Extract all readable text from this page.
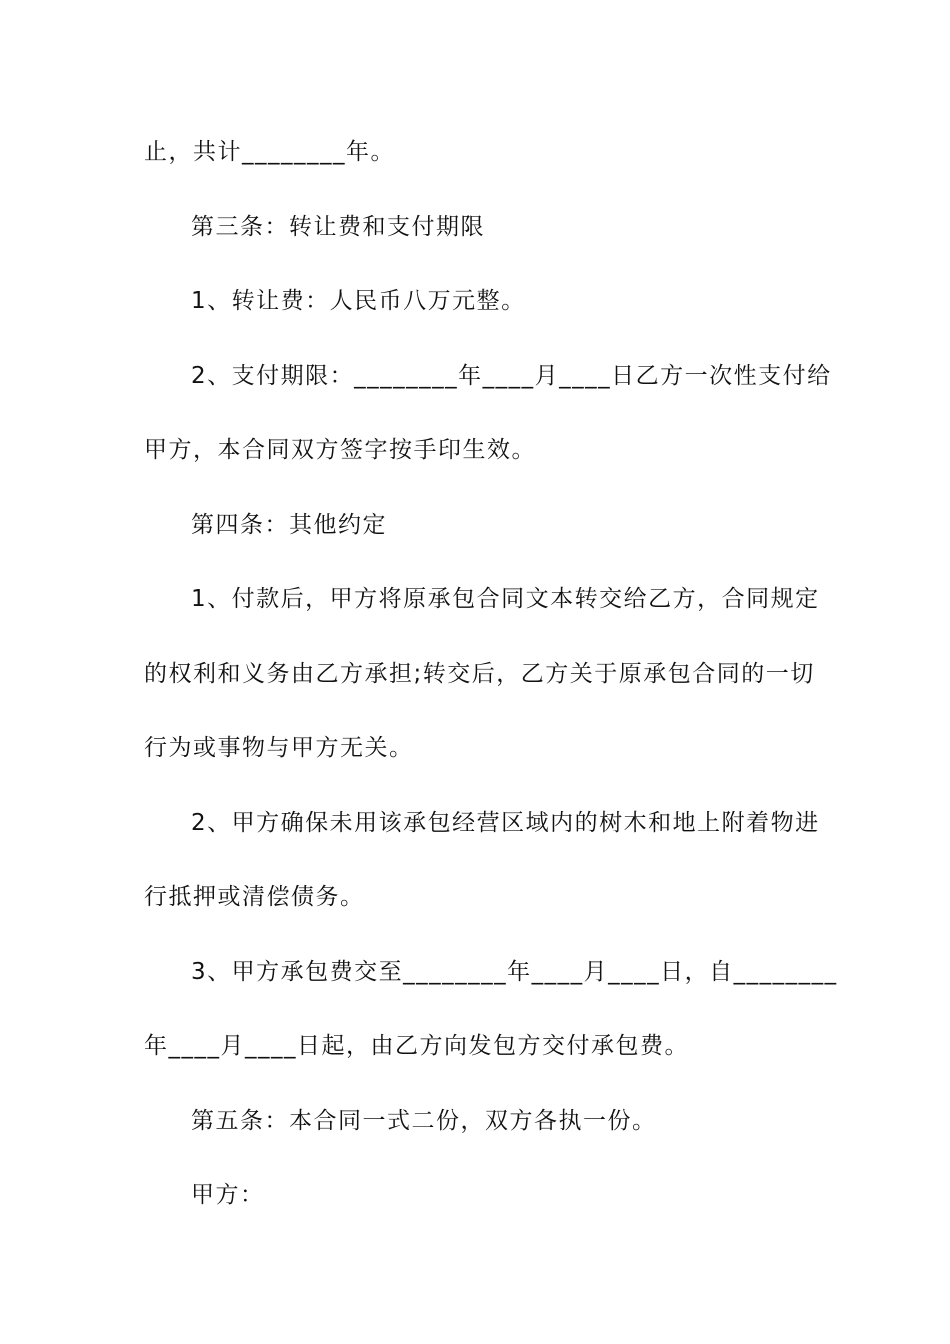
止，共计________年。
第三条：转让费和支付期限
1、转让费：人民币八万元整。
2、支付期限：________年____月____日乙方一次性支付给
甲方，本合同双方签字按手印生效。
第四条：其他约定
1、付款后，甲方将原承包合同文本转交给乙方，合同规定
的权利和义务由乙方承担;转交后，乙方关于原承包合同的一切
行为或事物与甲方无关。
2、甲方确保未用该承包经营区域内的树木和地上附着物进
行抵押或清偿债务。
3、甲方承包费交至________年____月____日，自________
年____月____日起，由乙方向发包方交付承包费。
第五条：本合同一式二份，双方各执一份。
甲方：
